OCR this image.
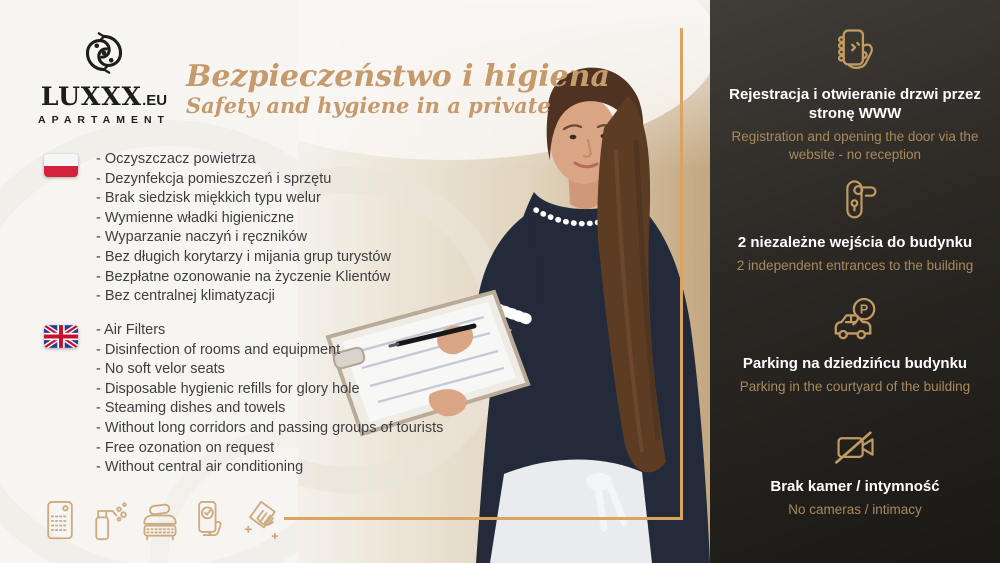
LUXXX.EU
APARTAMENT
Bezpieczeństwo i higiena
Safety and hygiene in a private
- Oczyszczacz powietrza
- Dezynfekcja pomieszczeń i sprzętu
- Brak siedzisk miękkich typu welur
- Wymienne władki higieniczne
- Wyparzanie naczyń i ręczników
- Bez długich korytarzy i mijania grup turystów
- Bezpłatne ozonowanie na życzenie Klientów
- Bez centralnej klimatyzacji
- Air Filters
- Disinfection of rooms and equipment
- No soft velor seats
- Disposable hygienic refills for glory hole
- Steaming dishes and towels
- Without long corridors and passing groups of tourists
- Free ozonation on request
- Without central air conditioning
Rejestracja i otwieranie drzwi przez stronę WWW
Registration and opening the door via the website - no reception
2 niezależne wejścia do budynku
2 independent entrances to the building
P
Parking na dziedzińcu budynku
Parking in the courtyard of the building
Brak kamer / intymność
No cameras / intimacy
